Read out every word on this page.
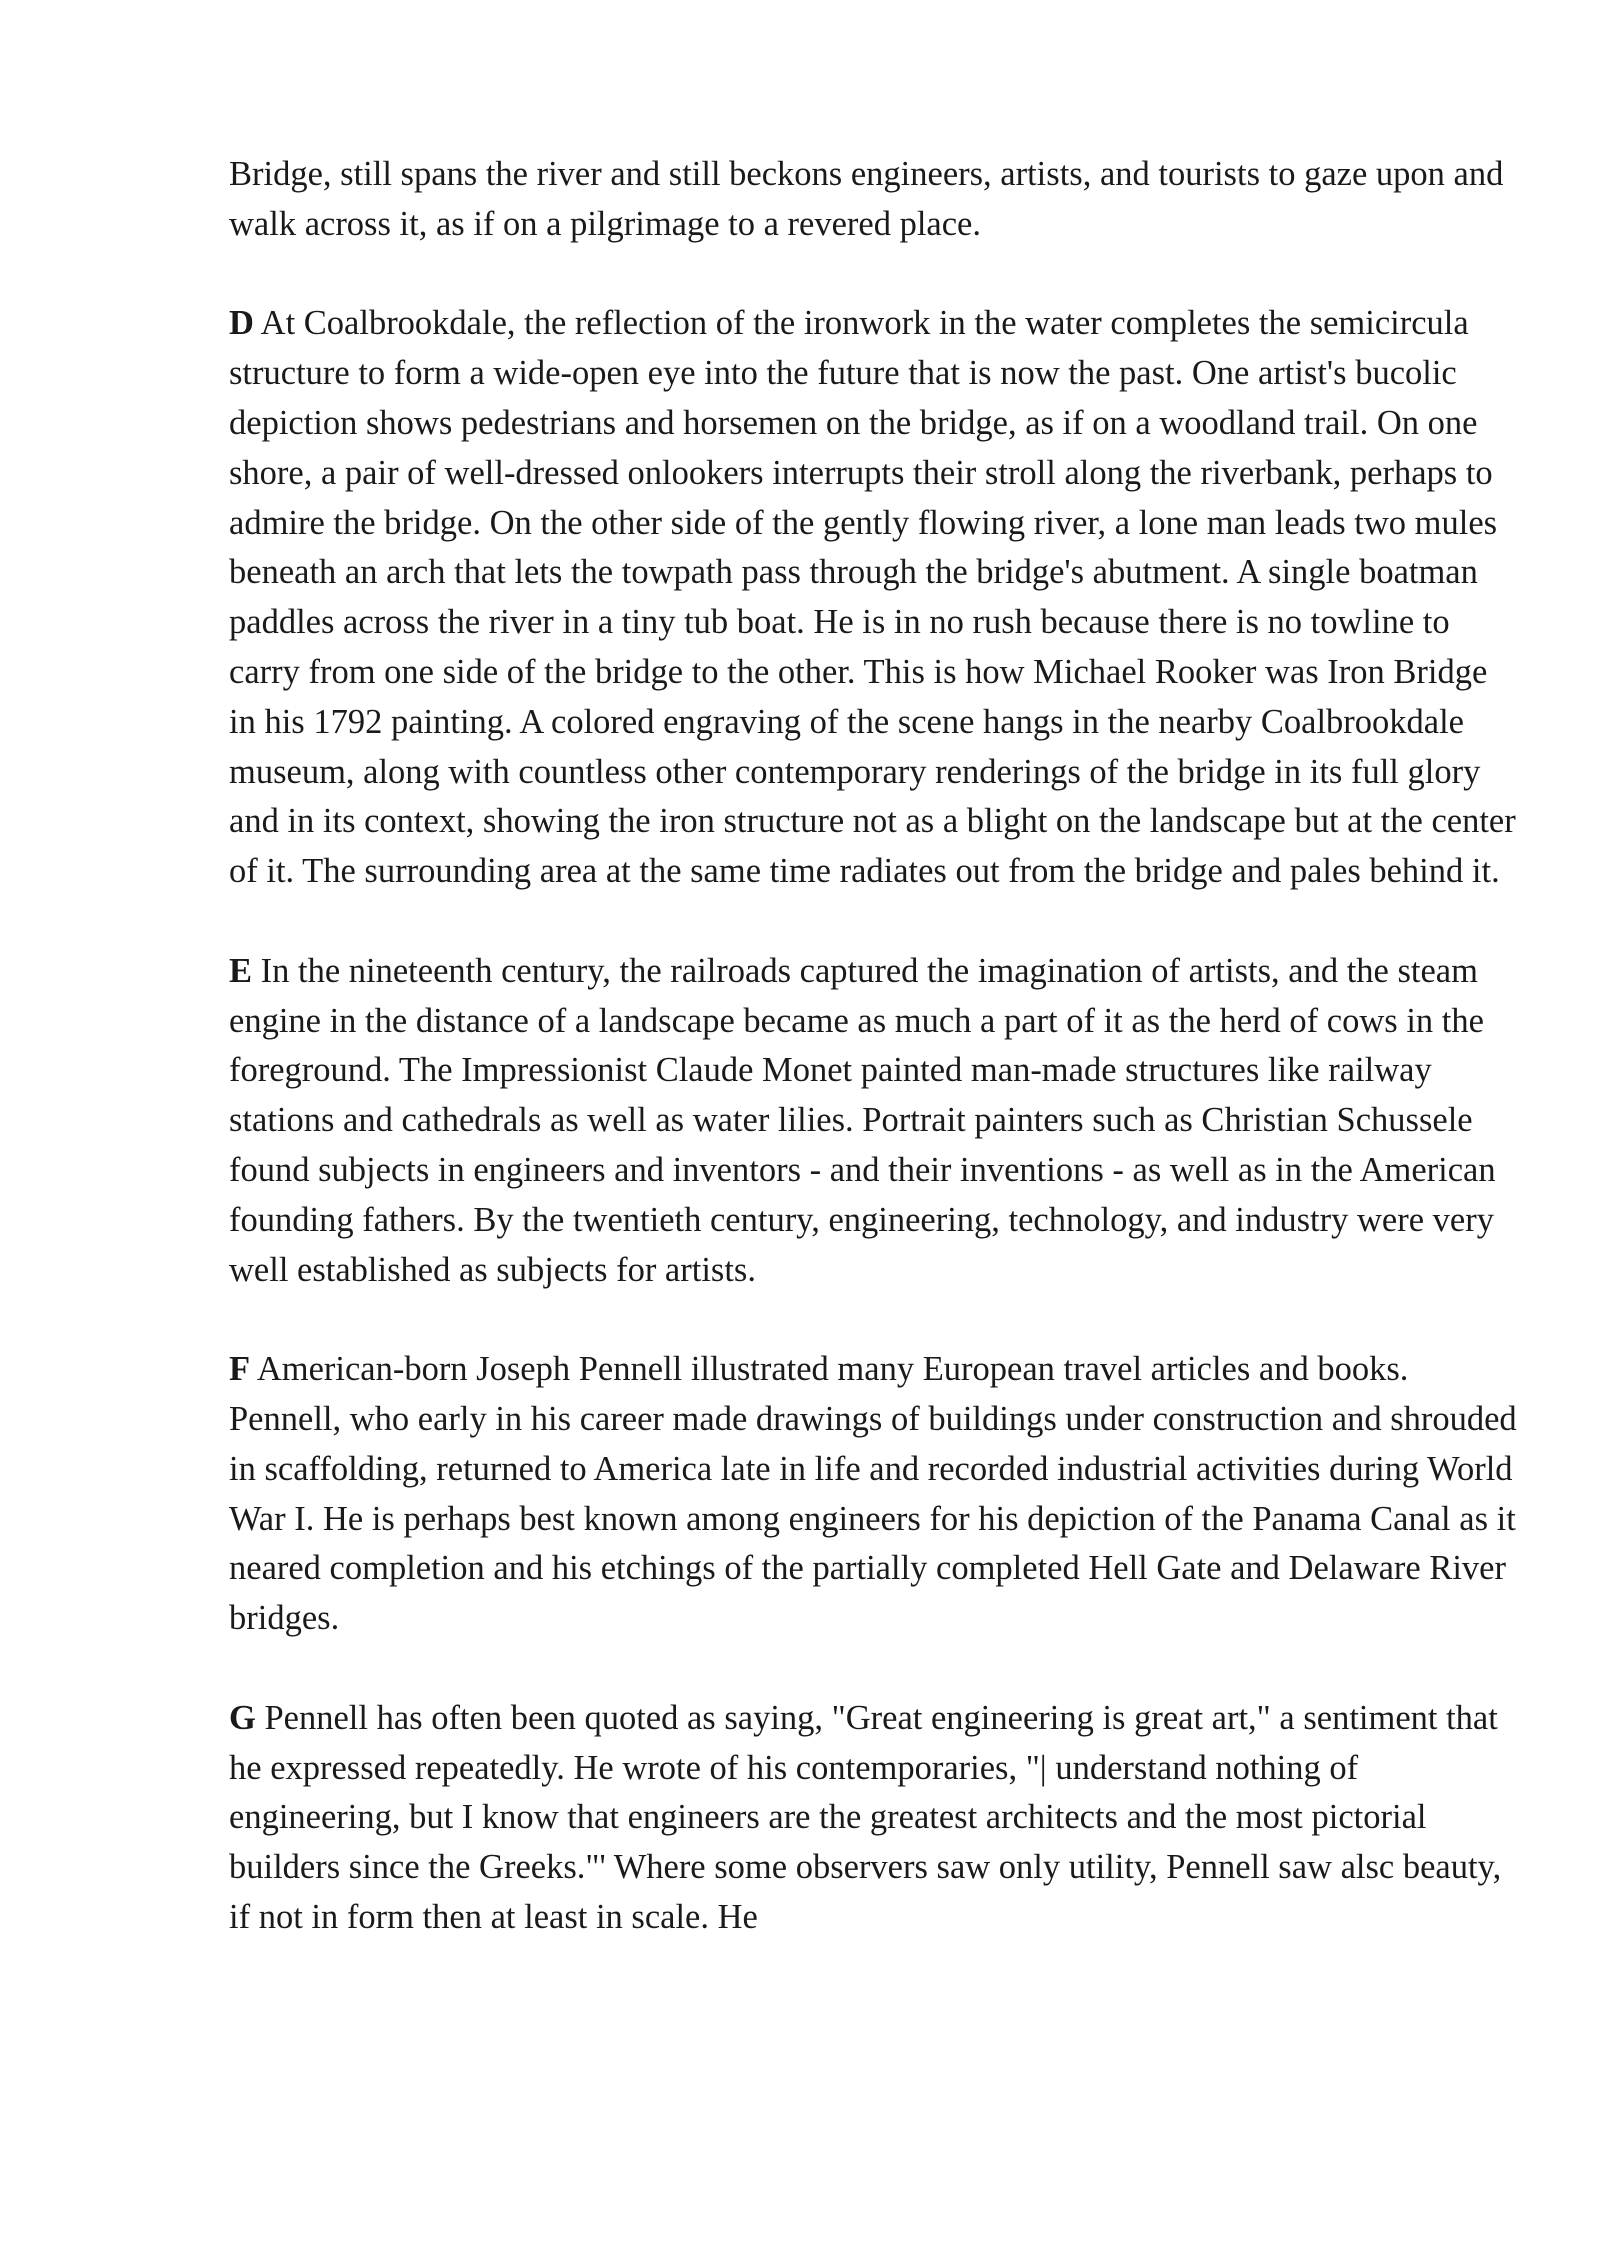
Bridge, still spans the river and still beckons engineers, artists, and tourists to gaze upon and walk across it, as if on a pilgrimage to a revered place.

D At Coalbrookdale, the reflection of the ironwork in the water completes the semicircula structure to form a wide-open eye into the future that is now the past. One artist's bucolic depiction shows pedestrians and horsemen on the bridge, as if on a woodland trail. On one shore, a pair of well-dressed onlookers interrupts their stroll along the riverbank, perhaps to admire the bridge. On the other side of the gently flowing river, a lone man leads two mules beneath an arch that lets the towpath pass through the bridge's abutment. A single boatman paddles across the river in a tiny tub boat. He is in no rush because there is no towline to carry from one side of the bridge to the other. This is how Michael Rooker was Iron Bridge in his 1792 painting. A colored engraving of the scene hangs in the nearby Coalbrookdale museum, along with countless other contemporary renderings of the bridge in its full glory and in its context, showing the iron structure not as a blight on the landscape but at the center of it. The surrounding area at the same time radiates out from the bridge and pales behind it.

E In the nineteenth century, the railroads captured the imagination of artists, and the steam engine in the distance of a landscape became as much a part of it as the herd of cows in the foreground. The Impressionist Claude Monet painted man-made structures like railway stations and cathedrals as well as water lilies. Portrait painters such as Christian Schussele found subjects in engineers and inventors - and their inventions - as well as in the American founding fathers. By the twentieth century, engineering, technology, and industry were very well established as subjects for artists.

F American-born Joseph Pennell illustrated many European travel articles and books. Pennell, who early in his career made drawings of buildings under construction and shrouded in scaffolding, returned to America late in life and recorded industrial activities during World War I. He is perhaps best known among engineers for his depiction of the Panama Canal as it neared completion and his etchings of the partially completed Hell Gate and Delaware River bridges.

G Pennell has often been quoted as saying, "Great engineering is great art," a sentiment that he expressed repeatedly. He wrote of his contemporaries, "| understand nothing of engineering, but I know that engineers are the greatest architects and the most pictorial builders since the Greeks."' Where some observers saw only utility, Pennell saw alsc beauty, if not in form then at least in scale. He
